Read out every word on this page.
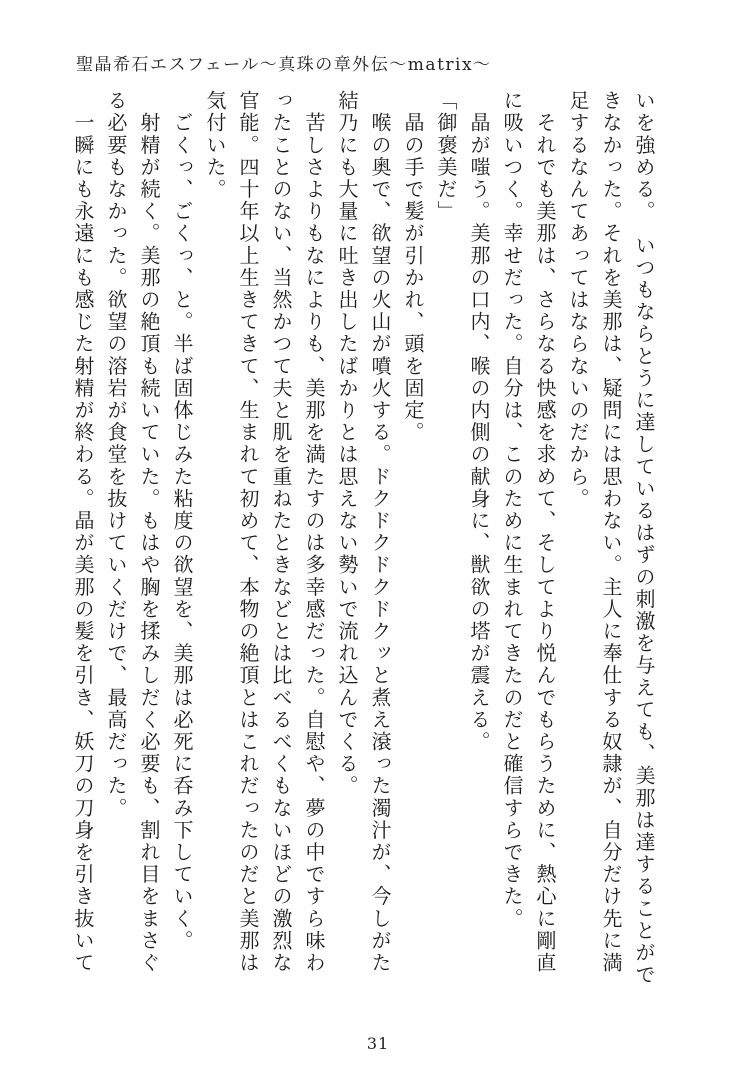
聖晶希石エスフェール～真珠の章外伝～matrix～

いを強める。　いつもならとうに達しているはずの刺激を与えても、美那は達することがで

きなかった。それを美那は、疑問には思わない。主人に奉仕する奴隷が、自分だけ先に満

足するなんてあってはならないのだから。

　それでも美那は、さらなる快感を求めて、そしてより悦んでもらうために、熱心に剛直

に吸いつく。幸せだった。自分は、このために生まれてきたのだと確信すらできた。

　晶が嗤う。美那の口内、喉の内側の献身に、獣欲の塔が震える。

「御褒美だ」

　晶の手で髪が引かれ、頭を固定。

　喉の奥で、欲望の火山が噴火する。ドクドクドクドクッと煮え滾った濁汁が、今しがた

結乃にも大量に吐き出したばかりとは思えない勢いで流れ込んでくる。

　苦しさよりもなによりも、美那を満たすのは多幸感だった。自慰や、夢の中ですら味わ

ったことのない、当然かつて夫と肌を重ねたときなどとは比べるべくもないほどの激烈な

官能。四十年以上生きてきて、生まれて初めて、本物の絶頂とはこれだったのだと美那は

気付いた。

　ごくっ、ごくっ、と。半ば固体じみた粘度の欲望を、美那は必死に呑み下していく。

　射精が続く。美那の絶頂も続いていた。もはや胸を揉みしだく必要も、割れ目をまさぐ

る必要もなかった。欲望の溶岩が食堂を抜けていくだけで、最高だった。

　一瞬にも永遠にも感じた射精が終わる。晶が美那の髪を引き、妖刀の刀身を引き抜いて

31
